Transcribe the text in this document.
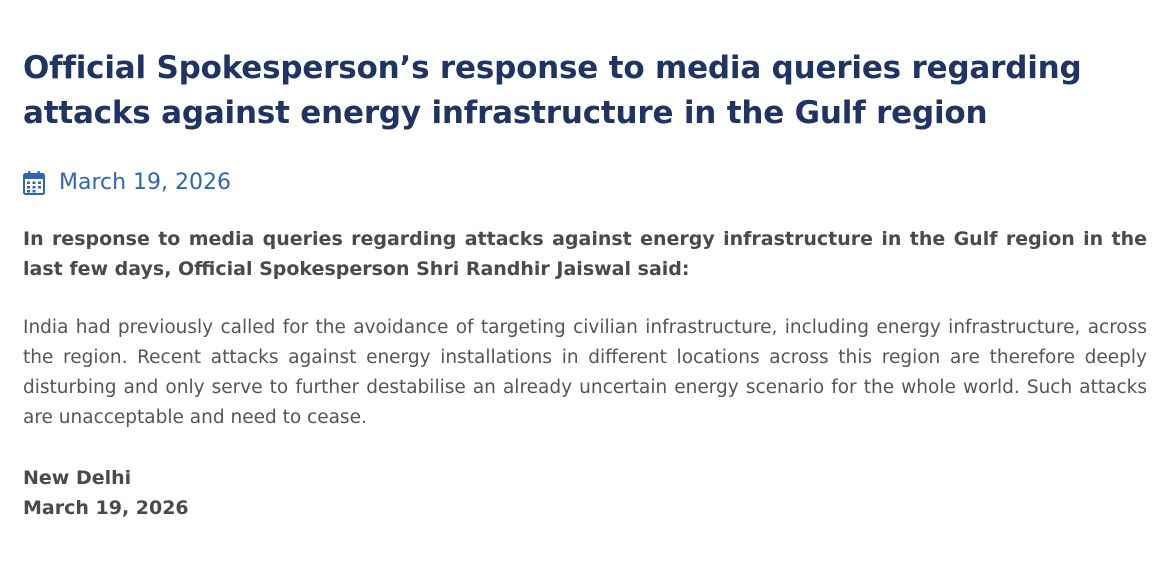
Official Spokesperson’s response to media queries regarding attacks against energy infrastructure in the Gulf region
March 19, 2026

In response to media queries regarding attacks against energy infrastructure in the Gulf region in the last few days, Official Spokesperson Shri Randhir Jaiswal said:

India had previously called for the avoidance of targeting civilian infrastructure, including energy infrastructure, across the region. Recent attacks against energy installations in different locations across this region are therefore deeply disturbing and only serve to further destabilise an already uncertain energy scenario for the whole world. Such attacks are unacceptable and need to cease.

New Delhi
March 19, 2026
